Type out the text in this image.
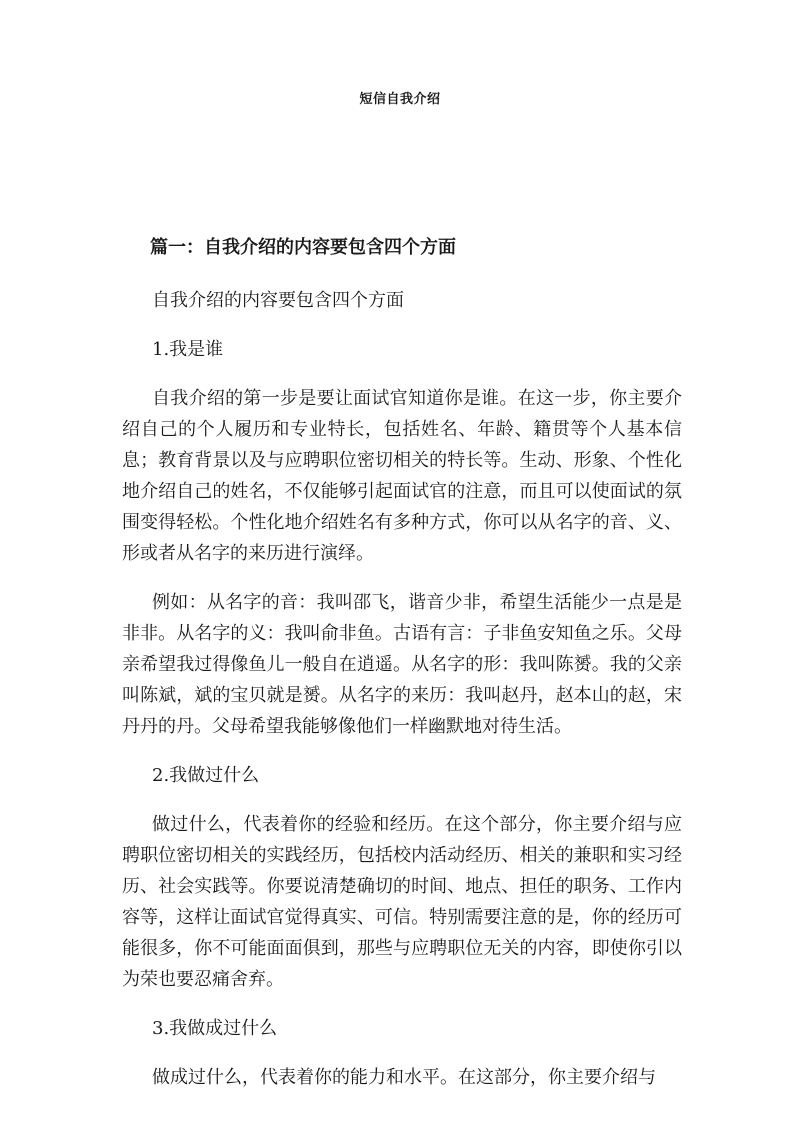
短信自我介绍
篇一：自我介绍的内容要包含四个方面

自我介绍的内容要包含四个方面

1.我是谁

自我介绍的第一步是要让面试官知道你是谁。在这一步，你主要介绍自己的个人履历和专业特长，包括姓名、年龄、籍贯等个人基本信息；教育背景以及与应聘职位密切相关的特长等。生动、形象、个性化地介绍自己的姓名，不仅能够引起面试官的注意，而且可以使面试的氛围变得轻松。个性化地介绍姓名有多种方式，你可以从名字的音、义、形或者从名字的来历进行演绎。

例如：从名字的音：我叫邵飞，谐音少非，希望生活能少一点是是非非。从名字的义：我叫俞非鱼。古语有言：子非鱼安知鱼之乐。父母亲希望我过得像鱼儿一般自在逍遥。从名字的形：我叫陈赟。我的父亲叫陈斌，斌的宝贝就是赟。从名字的来历：我叫赵丹，赵本山的赵，宋丹丹的丹。父母希望我能够像他们一样幽默地对待生活。

2.我做过什么

做过什么，代表着你的经验和经历。在这个部分，你主要介绍与应聘职位密切相关的实践经历，包括校内活动经历、相关的兼职和实习经历、社会实践等。你要说清楚确切的时间、地点、担任的职务、工作内容等，这样让面试官觉得真实、可信。特别需要注意的是，你的经历可能很多，你不可能面面俱到，那些与应聘职位无关的内容，即使你引以为荣也要忍痛舍弃。

3.我做成过什么

做成过什么，代表着你的能力和水平。在这部分，你主要介绍与
